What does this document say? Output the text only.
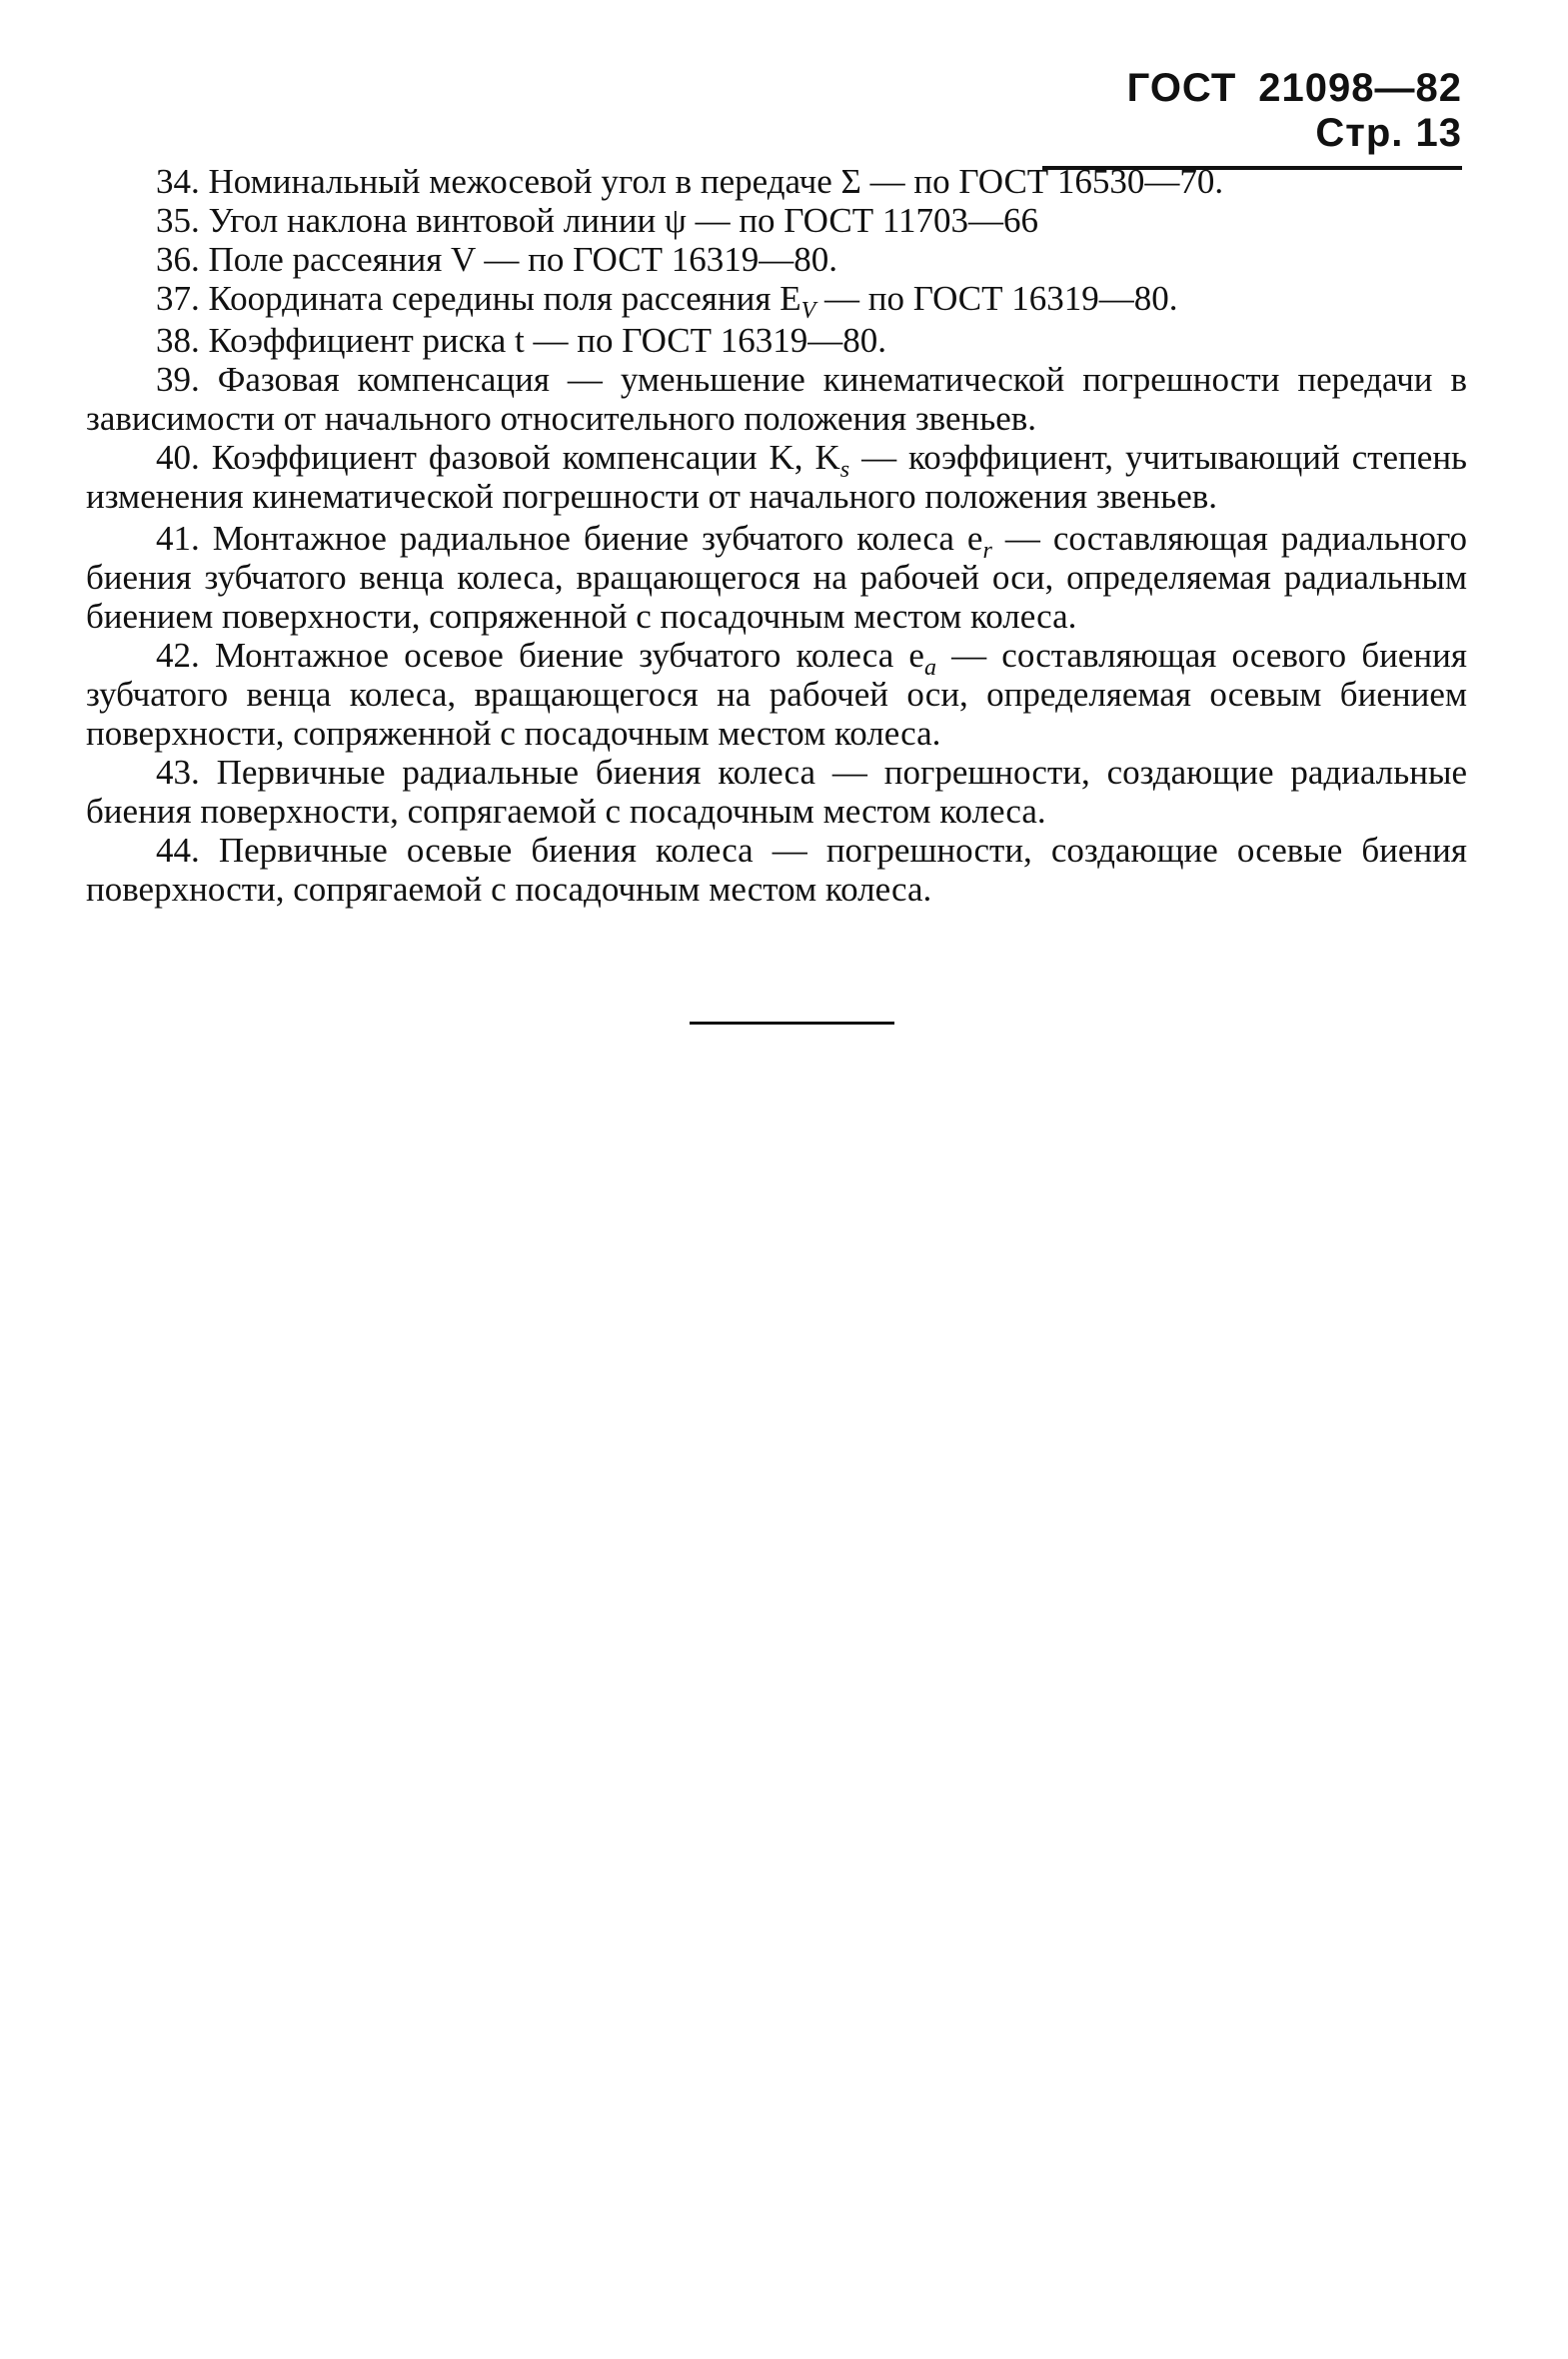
ГОСТ 21098—82 Стр. 13

34. Номинальный межосевой угол в передаче Σ — по ГОСТ 16530—70.

35. Угол наклона винтовой линии ψ — по ГОСТ 11703—66

36. Поле рассеяния V — по ГОСТ 16319—80.

37. Координата середины поля рассеяния $E_V$ — по ГОСТ 16319—80.

38. Коэффициент риска t — по ГОСТ 16319—80.

39. Фазовая компенсация — уменьшение кинематической погрешности передачи в зависимости от начального относительного положения звеньев.

40. Коэффициент фазовой компенсации K, $K_s$ — коэффициент, учитывающий степень изменения кинематической погрешности от начального положения звеньев.

41. Монтажное радиальное биение зубчатого колеса $e_r$ — составляющая радиального биения зубчатого венца колеса, вращающегося на рабочей оси, определяемая радиальным биением поверхности, сопряженной с посадочным местом колеса.

42. Монтажное осевое биение зубчатого колеса $e_a$ — составляющая осевого биения зубчатого венца колеса, вращающегося на рабочей оси, определяемая осевым биением поверхности, сопряженной с посадочным местом колеса.

43. Первичные радиальные биения колеса — погрешности, создающие радиальные биения поверхности, сопрягаемой с посадочным местом колеса.

44. Первичные осевые биения колеса — погрешности, создающие осевые биения поверхности, сопрягаемой с посадочным местом колеса.
